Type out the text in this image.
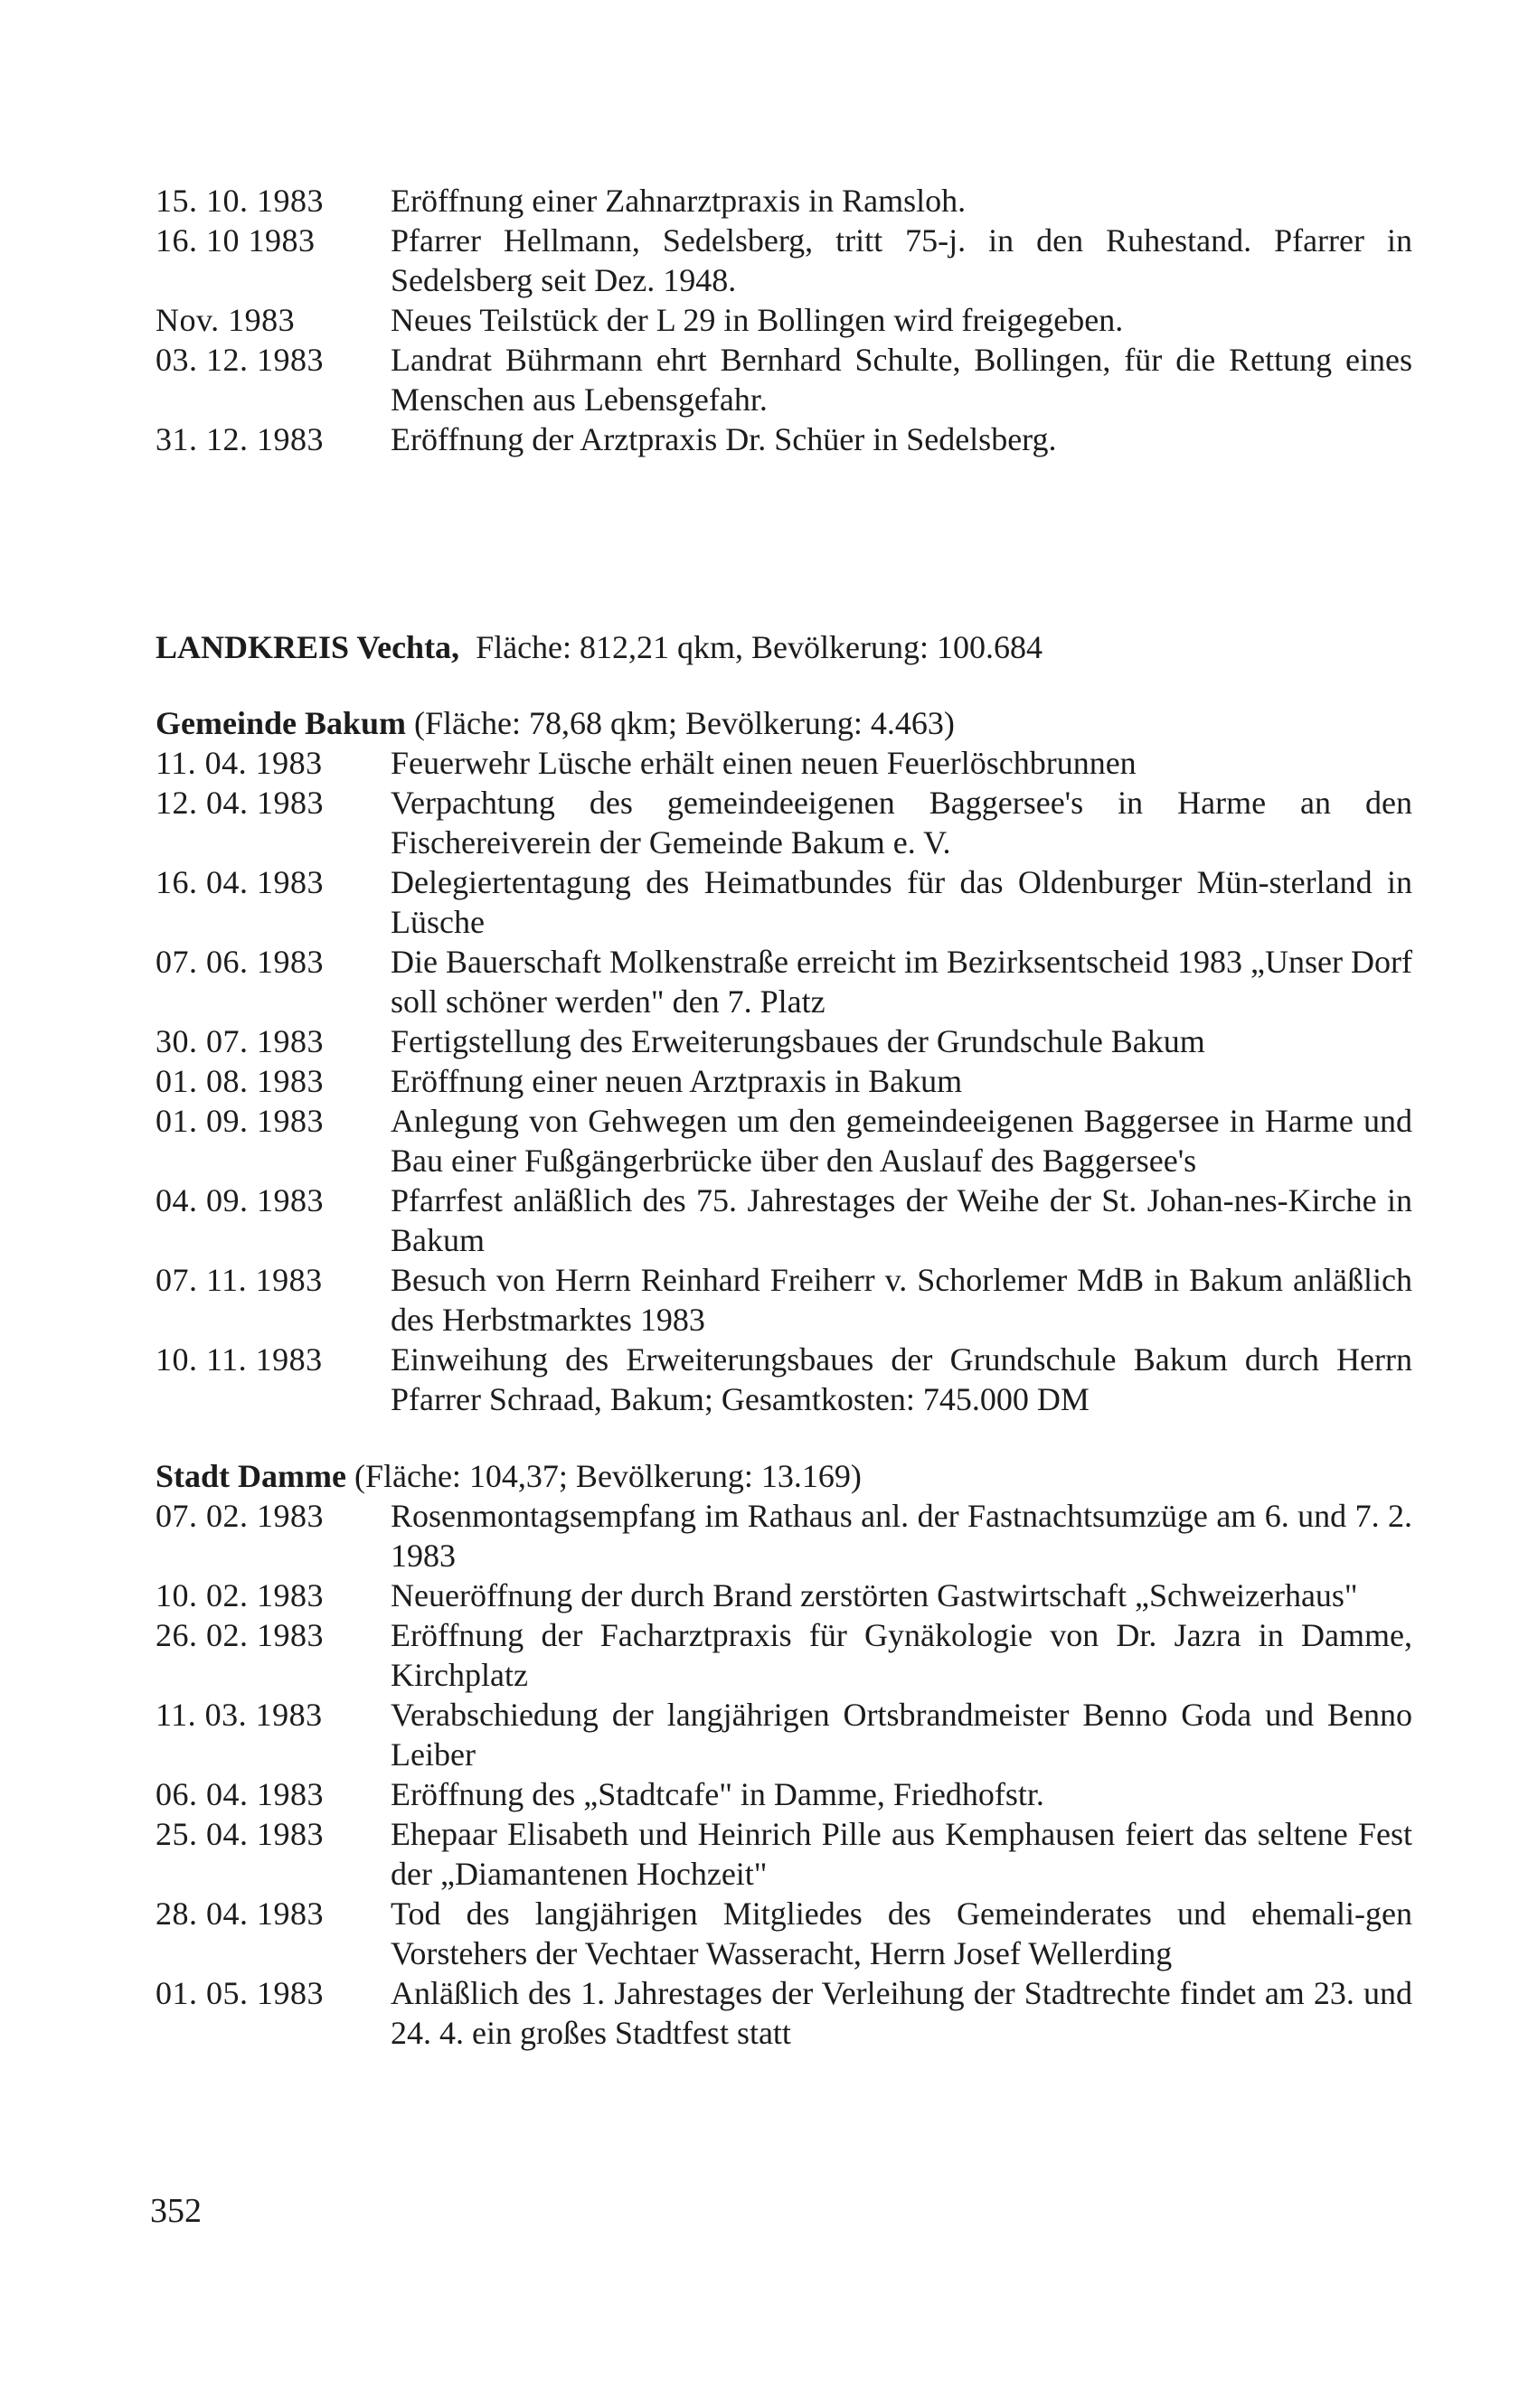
15. 10. 1983	Eröffnung einer Zahnarztpraxis in Ramsloh.
16. 10 1983	Pfarrer Hellmann, Sedelsberg, tritt 75-j. in den Ruhestand. Pfarrer in Sedelsberg seit Dez. 1948.
Nov. 1983	Neues Teilstück der L 29 in Bollingen wird freigegeben.
03. 12. 1983	Landrat Bührmann ehrt Bernhard Schulte, Bollingen, für die Rettung eines Menschen aus Lebensgefahr.
31. 12. 1983	Eröffnung der Arztpraxis Dr. Schüer in Sedelsberg.
LANDKREIS Vechta, Fläche: 812,21 qkm, Bevölkerung: 100.684
Gemeinde Bakum (Fläche: 78,68 qkm; Bevölkerung: 4.463)
11. 04. 1983	Feuerwehr Lüsche erhält einen neuen Feuerlöschbrunnen
12. 04. 1983	Verpachtung des gemeindeeigenen Baggersee's in Harme an den Fischereiverein der Gemeinde Bakum e. V.
16. 04. 1983	Delegiertentagung des Heimatbundes für das Oldenburger Mün-sterland in Lüsche
07. 06. 1983	Die Bauerschaft Molkenstraße erreicht im Bezirksentscheid 1983 „Unser Dorf soll schöner werden" den 7. Platz
30. 07. 1983	Fertigstellung des Erweiterungsbaues der Grundschule Bakum
01. 08. 1983	Eröffnung einer neuen Arztpraxis in Bakum
01. 09. 1983	Anlegung von Gehwegen um den gemeindeeigenen Baggersee in Harme und Bau einer Fußgängerbrücke über den Auslauf des Baggersee's
04. 09. 1983	Pfarrfest anläßlich des 75. Jahrestages der Weihe der St. Johan-nes-Kirche in Bakum
07. 11. 1983	Besuch von Herrn Reinhard Freiherr v. Schorlemer MdB in Bakum anläßlich des Herbstmarktes 1983
10. 11. 1983	Einweihung des Erweiterungsbaues der Grundschule Bakum durch Herrn Pfarrer Schraad, Bakum; Gesamtkosten: 745.000 DM
Stadt Damme (Fläche: 104,37; Bevölkerung: 13.169)
07. 02. 1983	Rosenmontagsempfang im Rathaus anl. der Fastnachtsumzüge am 6. und 7. 2. 1983
10. 02. 1983	Neueröffnung der durch Brand zerstörten Gastwirtschaft „Schweizerhaus"
26. 02. 1983	Eröffnung der Facharztpraxis für Gynäkologie von Dr. Jazra in Damme, Kirchplatz
11. 03. 1983	Verabschiedung der langjährigen Ortsbrandmeister Benno Goda und Benno Leiber
06. 04. 1983	Eröffnung des „Stadtcafe" in Damme, Friedhofstr.
25. 04. 1983	Ehepaar Elisabeth und Heinrich Pille aus Kemphausen feiert das seltene Fest der „Diamantenen Hochzeit"
28. 04. 1983	Tod des langjährigen Mitgliedes des Gemeinderates und ehemali-gen Vorstehers der Vechtaer Wasseracht, Herrn Josef Wellerding
01. 05. 1983	Anläßlich des 1. Jahrestages der Verleihung der Stadtrechte findet am 23. und 24. 4. ein großes Stadtfest statt
352
